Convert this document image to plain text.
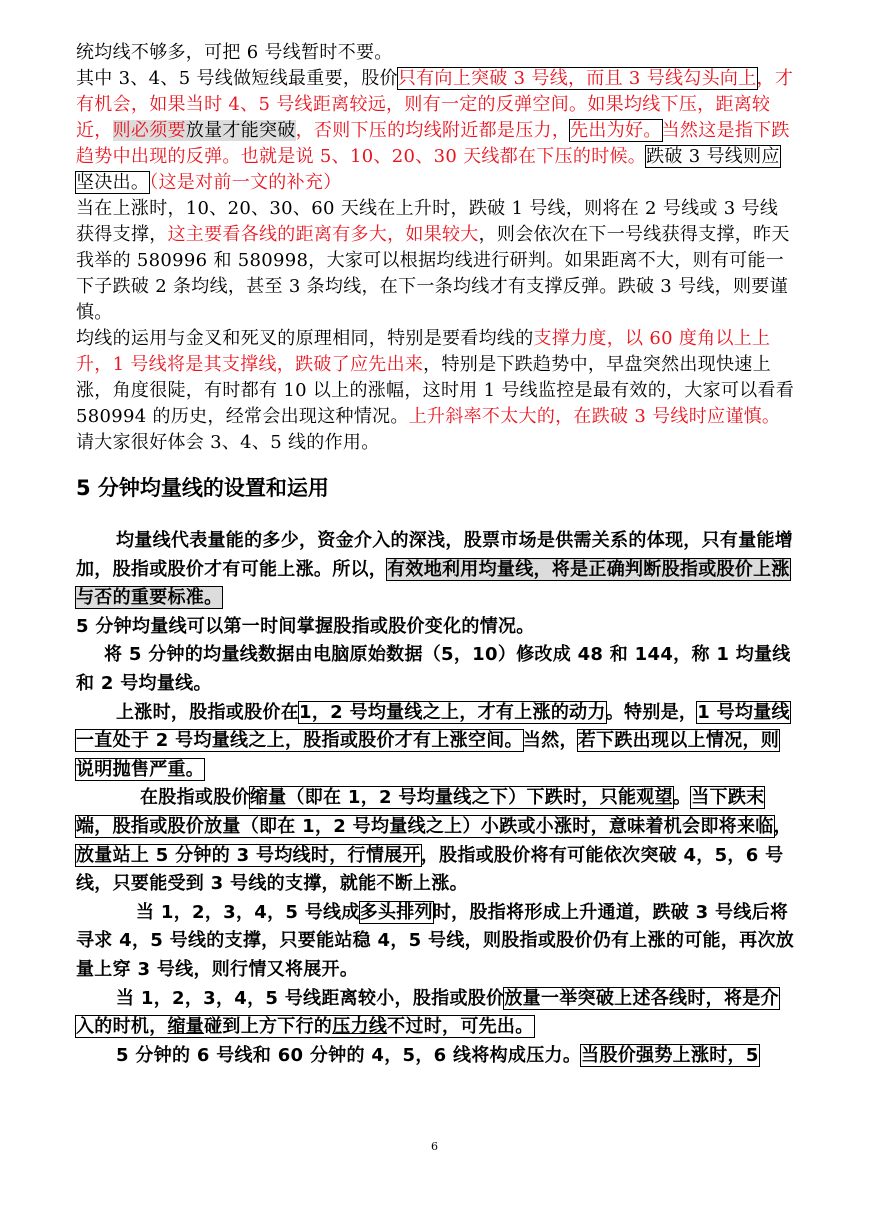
统均线不够多，可把 6 号线暂时不要。

其中 3、4、5 号线做短线最重要，股价只有向上突破 3 号线，而且 3 号线勾头向上，才有机会，如果当时 4、5 号线距离较远，则有一定的反弹空间。如果均线下压，距离较近，则必须要放量才能突破，否则下压的均线附近都是压力，先出为好。当然这是指下跌趋势中出现的反弹。也就是说 5、10、20、30 天线都在下压的时候。跌破 3 号线则应坚决出。（这是对前一文的补充）

当在上涨时，10、20、30、60 天线在上升时，跌破 1 号线，则将在 2 号线或 3 号线获得支撑，这主要看各线的距离有多大，如果较大，则会依次在下一号线获得支撑，昨天我举的 580996 和 580998，大家可以根据均线进行研判。如果距离不大，则有可能一下子跌破 2 条均线，甚至 3 条均线，在下一条均线才有支撑反弹。跌破 3 号线，则要谨慎。

均线的运用与金叉和死叉的原理相同，特别是要看均线的支撑力度，以 60 度角以上上升，1 号线将是其支撑线，跌破了应先出来，特别是下跌趋势中，早盘突然出现快速上涨，角度很陡，有时都有 10 以上的涨幅，这时用 1 号线监控是最有效的，大家可以看看 580994 的历史，经常会出现这种情况。上升斜率不太大的，在跌破 3 号线时应谨慎。

请大家很好体会 3、4、5 线的作用。

5 分钟均量线的设置和运用

均量线代表量能的多少，资金介入的深浅，股票市场是供需关系的体现，只有量能增加，股指或股价才有可能上涨。所以，有效地利用均量线，将是正确判断股指或股价上涨与否的重要标准。

5 分钟均量线可以第一时间掌握股指或股价变化的情况。

将 5 分钟的均量线数据由电脑原始数据（5，10）修改成 48 和 144，称 1 均量线和 2 号均量线。

上涨时，股指或股价在1，2 号均量线之上，才有上涨的动力。特别是，1 号均量线一直处于 2 号均量线之上，股指或股价才有上涨空间。当然，若下跌出现以上情况，则说明抛售严重。

在股指或股价缩量（即在 1，2 号均量线之下）下跌时，只能观望。当下跌末端，股指或股价放量（即在 1，2 号均量线之上）小跌或小涨时，意味着机会即将来临，放量站上 5 分钟的 3 号均线时，行情展开，股指或股价将有可能依次突破 4，5，6 号线，只要能受到 3 号线的支撑，就能不断上涨。

当 1，2，3，4，5 号线成多头排列时，股指将形成上升通道，跌破 3 号线后将寻求 4，5 号线的支撑，只要能站稳 4，5 号线，则股指或股价仍有上涨的可能，再次放量上穿 3 号线，则行情又将展开。

当 1，2，3，4，5 号线距离较小，股指或股价放量一举突破上述各线时，将是介入的时机，缩量碰到上方下行的压力线不过时，可先出。

5 分钟的 6 号线和 60 分钟的 4，5，6 线将构成压力。当股价强势上涨时，5

6
